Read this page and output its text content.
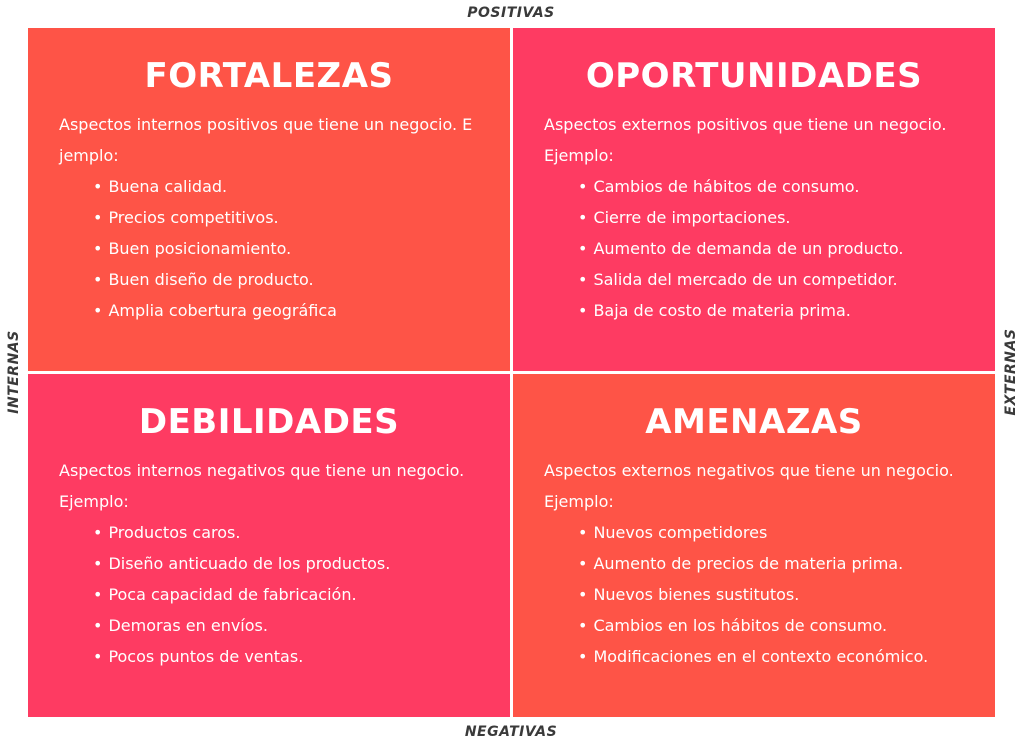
POSITIVAS
NEGATIVAS
INTERNAS	EXTERNAS
FORTALEZAS

Aspectos internos positivos que tiene un negocio. Ejemplo:

• Buena calidad.
• Precios competitivos.
• Buen posicionamiento.
• Buen diseño de producto.
• Amplia cobertura geográfica
OPORTUNIDADES

Aspectos externos positivos que tiene un negocio. Ejemplo:

• Cambios de hábitos de consumo.
• Cierre de importaciones.
• Aumento de demanda de un producto.
• Salida del mercado de un competidor.
• Baja de costo de materia prima.
DEBILIDADES

Aspectos internos negativos que tiene un negocio. Ejemplo:

• Productos caros.
• Diseño anticuado de los productos.
• Poca capacidad de fabricación.
• Demoras en envíos.
• Pocos puntos de ventas.
AMENAZAS

Aspectos externos negativos que tiene un negocio. Ejemplo:

• Nuevos competidores
• Aumento de precios de materia prima.
• Nuevos bienes sustitutos.
• Cambios en los hábitos de consumo.
• Modificaciones en el contexto económico.
